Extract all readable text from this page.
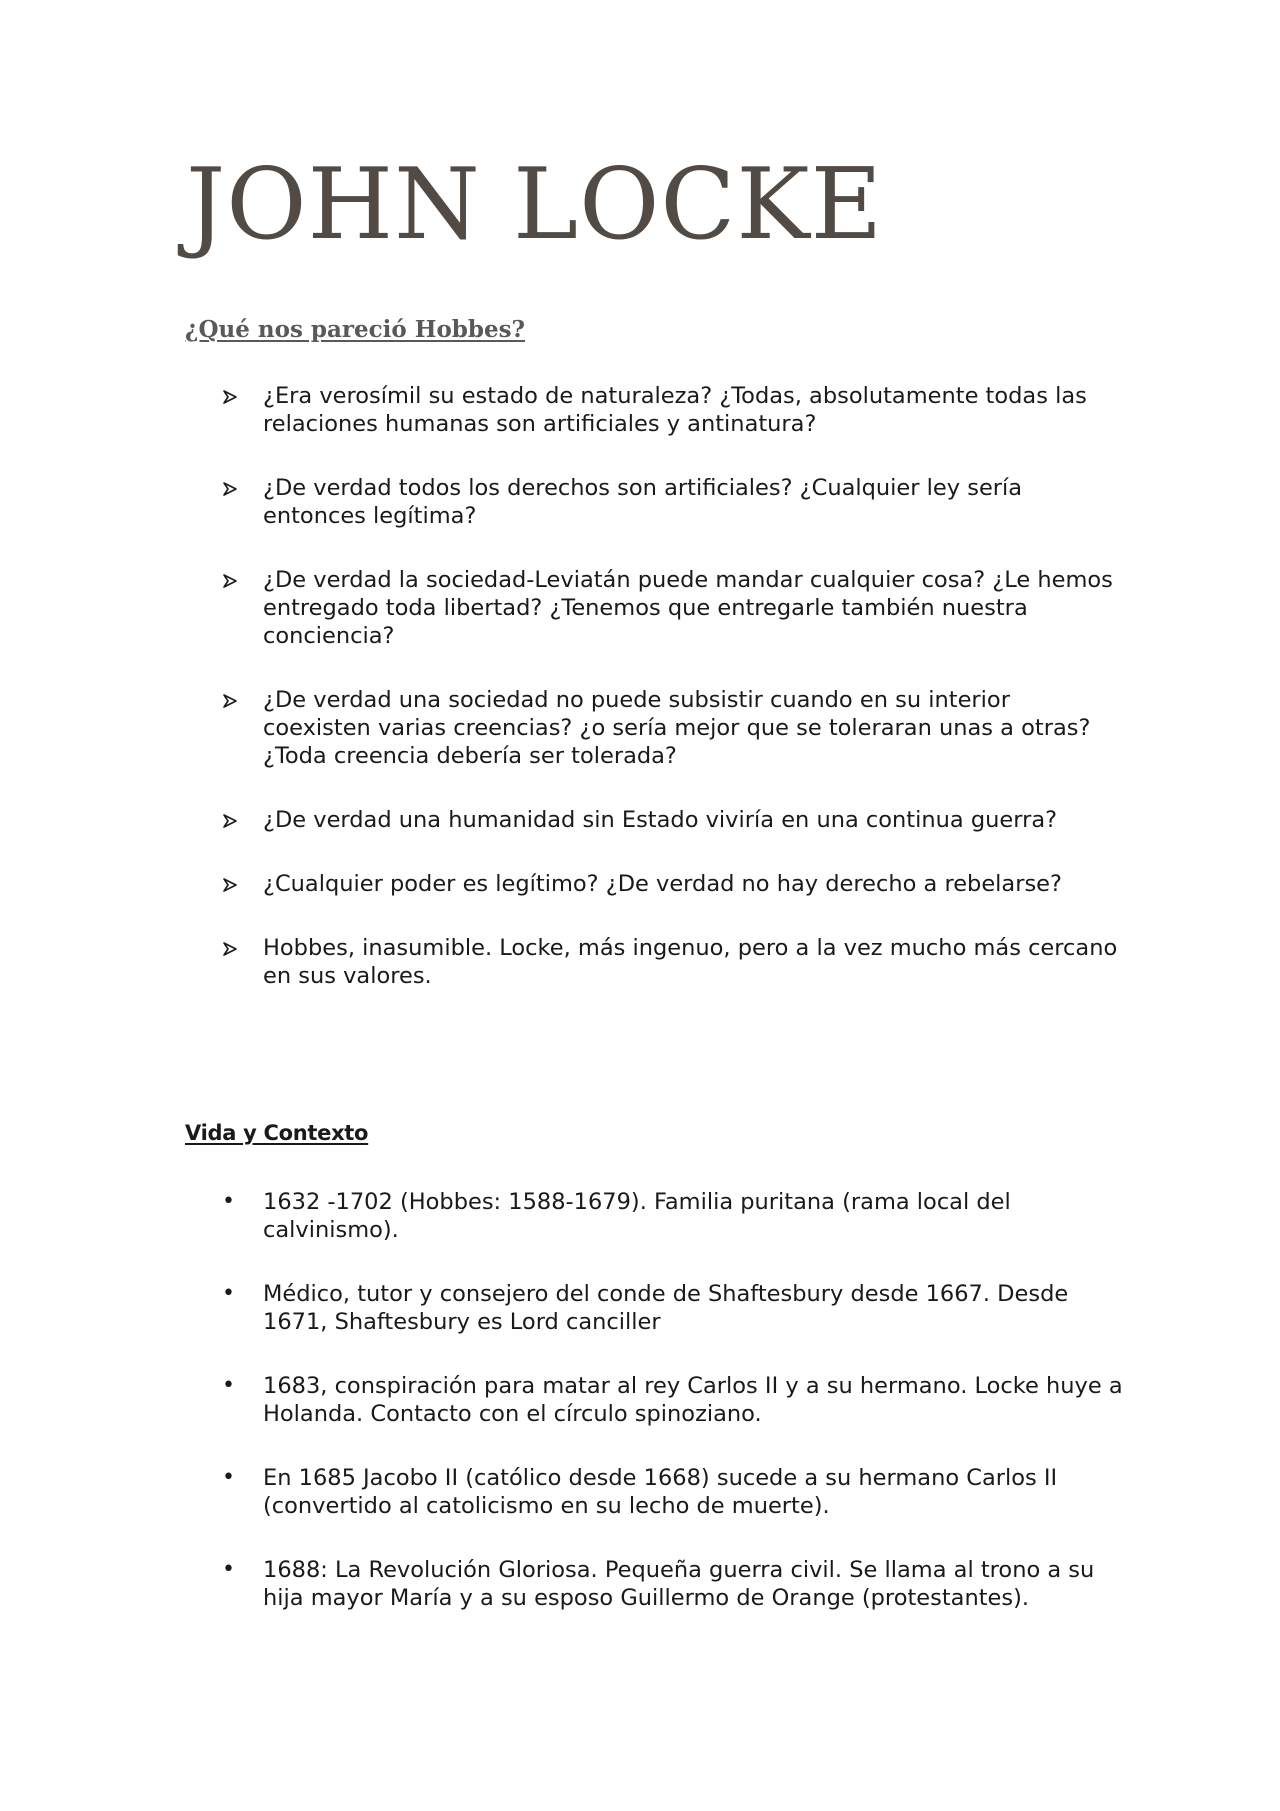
JOHN LOCKE
¿Qué nos pareció Hobbes?
¿Era verosímil su estado de naturaleza? ¿Todas, absolutamente todas las relaciones humanas son artificiales y antinatura?
¿De verdad todos los derechos son artificiales? ¿Cualquier ley sería entonces legítima?
¿De verdad la sociedad-Leviatán puede mandar cualquier cosa? ¿Le hemos entregado toda libertad? ¿Tenemos que entregarle también nuestra conciencia?
¿De verdad una sociedad no puede subsistir cuando en su interior coexisten varias creencias? ¿o sería mejor que se toleraran unas a otras? ¿Toda creencia debería ser tolerada?
¿De verdad una humanidad sin Estado viviría en una continua guerra?
¿Cualquier poder es legítimo? ¿De verdad no hay derecho a rebelarse?
Hobbes, inasumible. Locke, más ingenuo, pero a la vez mucho más cercano en sus valores.
Vida y Contexto
• 1632 -1702 (Hobbes: 1588-1679). Familia puritana (rama local del calvinismo).
• Médico, tutor y consejero del conde de Shaftesbury desde 1667. Desde 1671, Shaftesbury es Lord canciller
• 1683, conspiración para matar al rey Carlos II y a su hermano. Locke huye a Holanda. Contacto con el círculo spinoziano.
• En 1685 Jacobo II (católico desde 1668) sucede a su hermano Carlos II (convertido al catolicismo en su lecho de muerte).
• 1688: La Revolución Gloriosa. Pequeña guerra civil. Se llama al trono a su hija mayor María y a su esposo Guillermo de Orange (protestantes).
